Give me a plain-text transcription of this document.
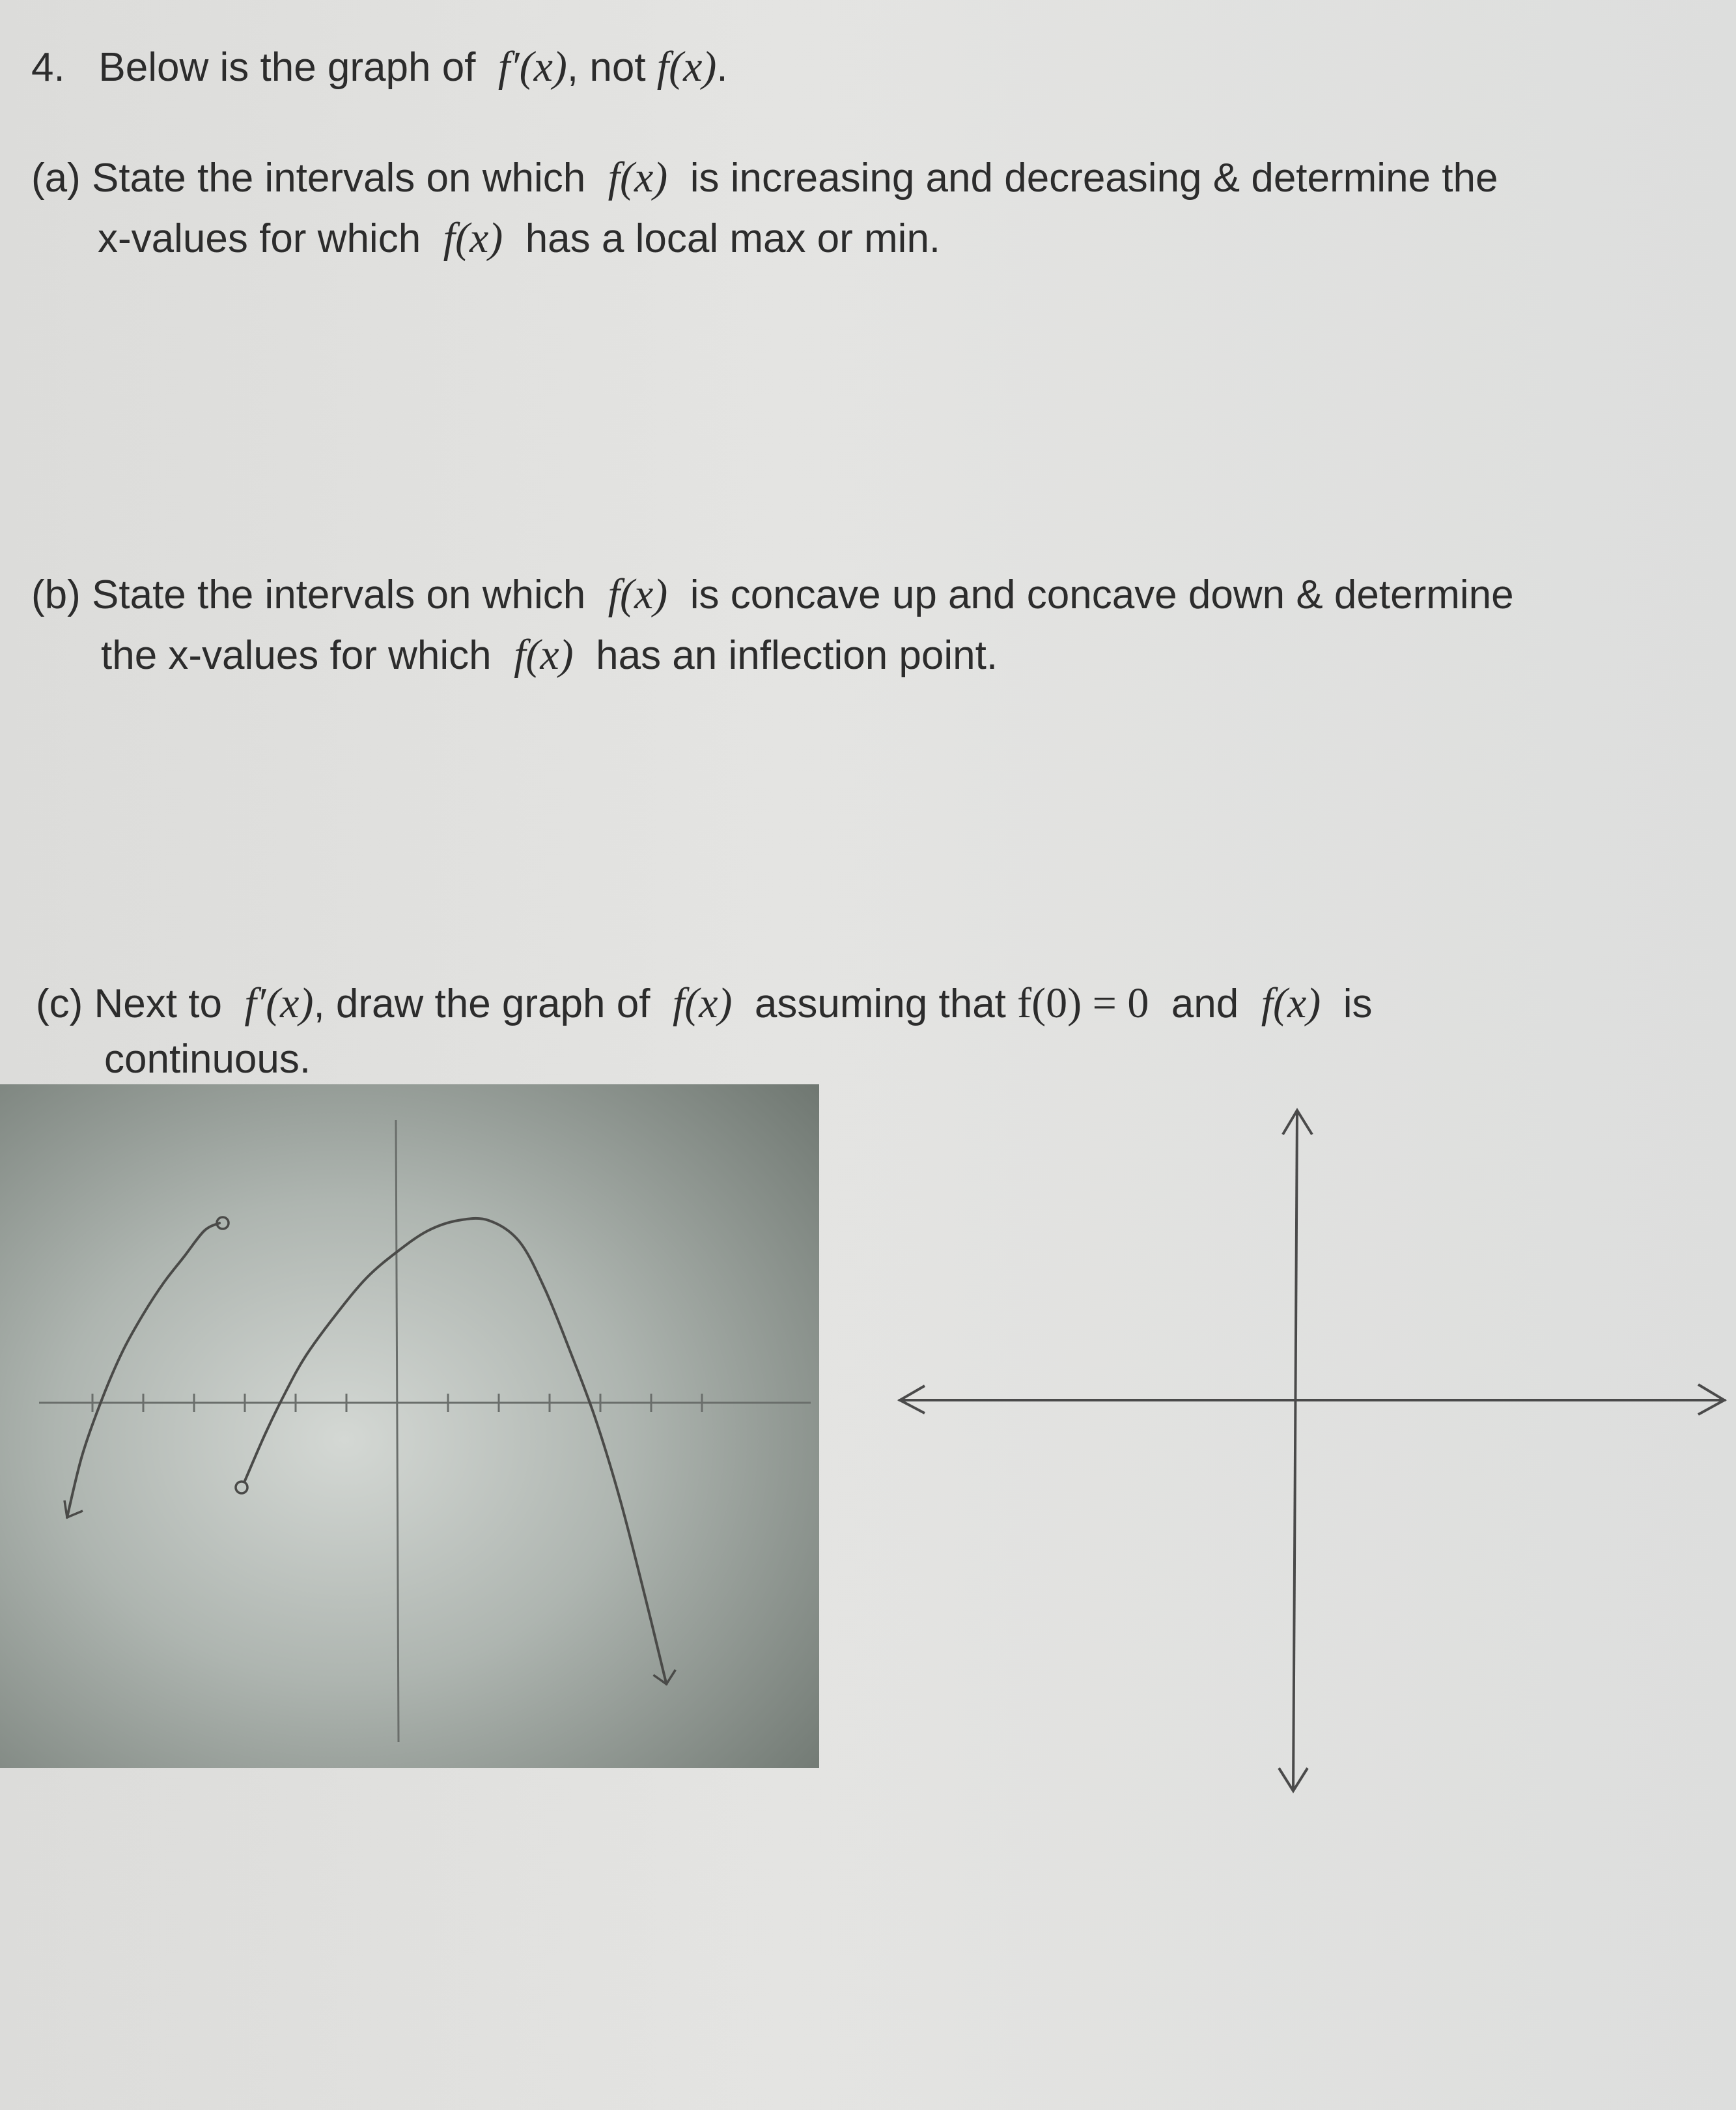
4. Below is the graph of f′(x), not f(x).

(a) State the intervals on which f(x) is increasing and decreasing & determine the

x-values for which f(x) has a local max or min.

(b) State the intervals on which f(x) is concave up and concave down & determine

the x-values for which f(x) has an inflection point.

(c) Next to f′(x), draw the graph of f(x) assuming that f(0) = 0 and f(x) is

continuous.
